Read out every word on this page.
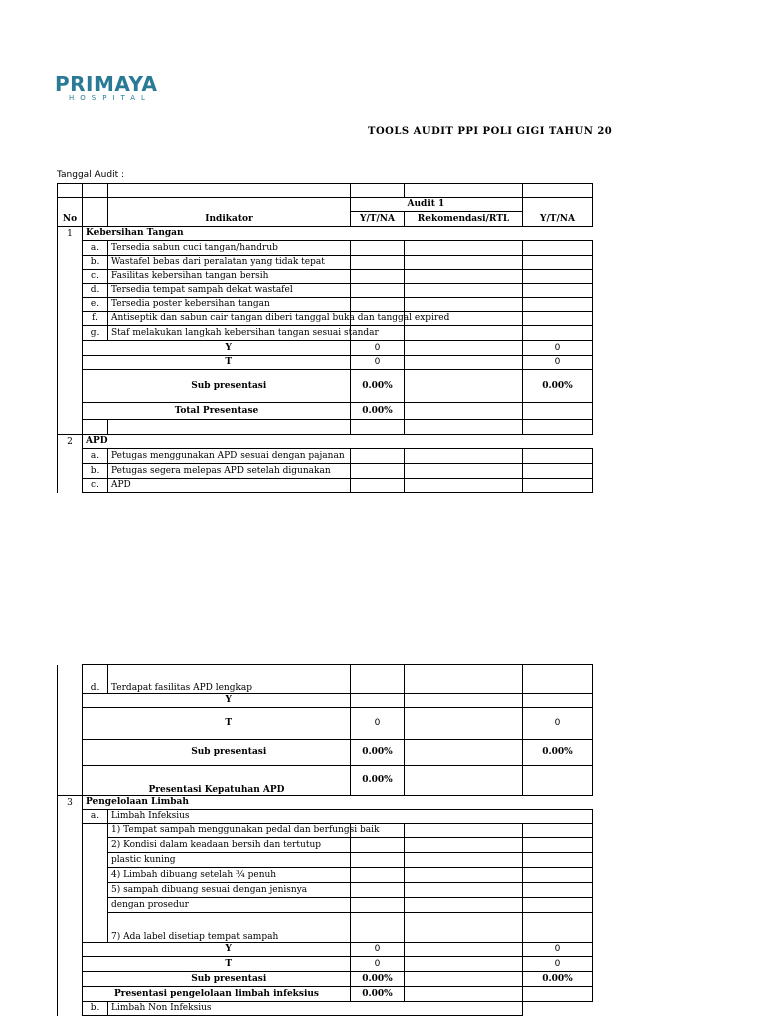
PRIMAYA
HOSPITAL
TOOLS AUDIT PPI POLI GIGI TAHUN 20
Tanggal Audit :

				Audit 1	
No		Indikator	Y/T/NA	Rekomendasi/RTL	Y/T/NA
1	Kebersihan Tangan				
	a.	Tersedia sabun cuci tangan/handrub			
	b.	Wastafel bebas dari peralatan yang tidak tepat			
	c.	Fasilitas kebersihan tangan bersih			
	d.	Tersedia tempat sampah dekat wastafel			
	e.	Tersedia poster kebersihan tangan			
	f.	Antiseptik dan sabun cair tangan diberi tanggal buka dan tanggal expired			
	g.	Staf melakukan langkah kebersihan tangan sesuai standar			
		Y	0		0
		T	0		0
		Sub presentasi	0.00%		0.00%
	Total Presentase		0.00%		

2	APD				
	a.	Petugas menggunakan APD sesuai dengan pajanan			
	b.	Petugas segera melepas APD setelah digunakan			
	c.	APD			
	d.	Terdapat fasilitas APD lengkap			
		Y			
		T	0		0
		Sub presentasi	0.00%		0.00%
	Presentasi Kepatuhan APD		0.00%		
3	Pengelolaan Limbah				
	a.	Limbah Infeksius			
		1) Tempat sampah menggunakan pedal dan berfungsi baik			
		2) Kondisi dalam keadaan bersih dan tertutup			
		plastic kuning			
		4) Limbah dibuang setelah ¾ penuh			
		5) sampah dibuang sesuai dengan jenisnya			
		dengan prosedur			
		7) Ada label disetiap tempat sampah			
		Y	0		0
		T	0		0
		Sub presentasi	0.00%		0.00%
	Presentasi pengelolaan limbah infeksius		0.00%		
	b.	Limbah Non Infeksius			
